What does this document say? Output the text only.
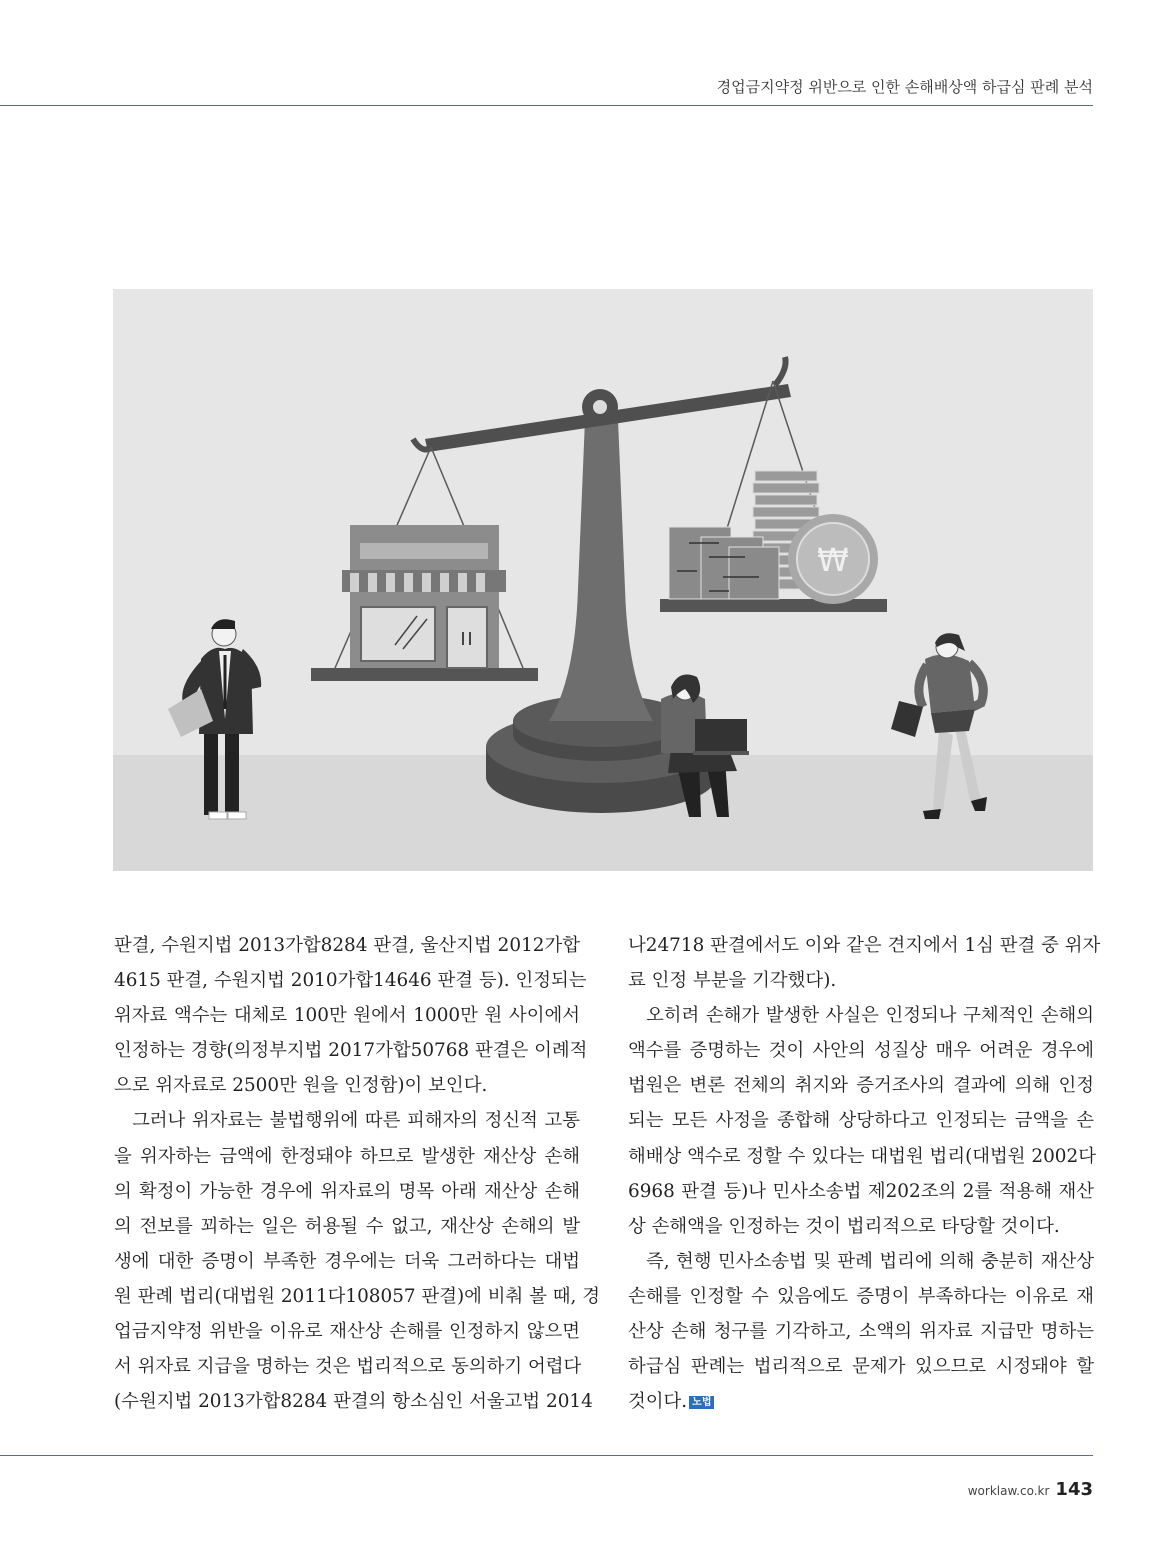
경업금지약정 위반으로 인한 손해배상액 하급심 판례 분석
₩

판결, 수원지법 2013가합8284 판결, 울산지법 2012가합

4615 판결, 수원지법 2010가합14646 판결 등). 인정되는

위자료 액수는 대체로 100만 원에서 1000만 원 사이에서

인정하는 경향(의정부지법 2017가합50768 판결은 이례적

으로 위자료로 2500만 원을 인정함)이 보인다.

그러나 위자료는 불법행위에 따른 피해자의 정신적 고통

을 위자하는 금액에 한정돼야 하므로 발생한 재산상 손해

의 확정이 가능한 경우에 위자료의 명목 아래 재산상 손해

의 전보를 꾀하는 일은 허용될 수 없고, 재산상 손해의 발

생에 대한 증명이 부족한 경우에는 더욱 그러하다는 대법

원 판례 법리(대법원 2011다108057 판결)에 비춰 볼 때, 경

업금지약정 위반을 이유로 재산상 손해를 인정하지 않으면

서 위자료 지급을 명하는 것은 법리적으로 동의하기 어렵다

(수원지법 2013가합8284 판결의 항소심인 서울고법 2014

나24718 판결에서도 이와 같은 견지에서 1심 판결 중 위자

료 인정 부분을 기각했다).

오히려 손해가 발생한 사실은 인정되나 구체적인 손해의

액수를 증명하는 것이 사안의 성질상 매우 어려운 경우에

법원은 변론 전체의 취지와 증거조사의 결과에 의해 인정

되는 모든 사정을 종합해 상당하다고 인정되는 금액을 손

해배상 액수로 정할 수 있다는 대법원 법리(대법원 2002다

6968 판결 등)나 민사소송법 제202조의 2를 적용해 재산

상 손해액을 인정하는 것이 법리적으로 타당할 것이다.

즉, 현행 민사소송법 및 판례 법리에 의해 충분히 재산상

손해를 인정할 수 있음에도 증명이 부족하다는 이유로 재

산상 손해 청구를 기각하고, 소액의 위자료 지급만 명하는

하급심 판례는 법리적으로 문제가 있으므로 시정돼야 할

것이다. 노법

worklaw.co.kr 143
